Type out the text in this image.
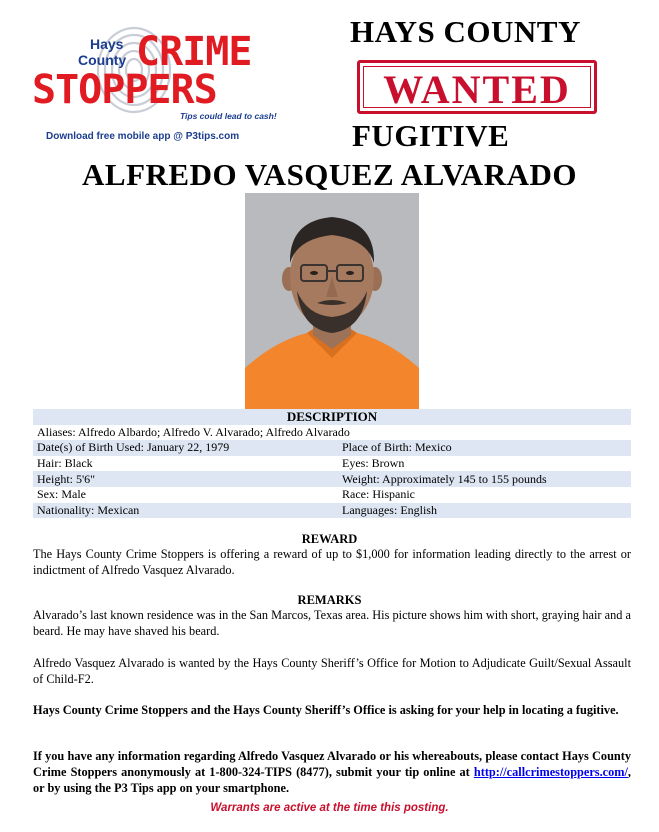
Hays
County CRIME
STOPPERS
Tips could lead to cash!
Download free mobile app @ P3tips.com
HAYS COUNTY
WANTED
FUGITIVE
ALFREDO VASQUEZ ALVARADO
DESCRIPTION	
Aliases: Alfredo Albardo; Alfredo V. Alvarado; Alfredo Alvarado	
Date(s) of Birth Used: January 22, 1979	Place of Birth: Mexico
Hair: Black	Eyes: Brown
Height: 5'6"	Weight: Approximately 145 to 155 pounds
Sex: Male	Race: Hispanic
Nationality: Mexican	Languages: English
REWARD
The Hays County Crime Stoppers is offering a reward of up to $1,000 for information leading directly to the arrest or indictment of Alfredo Vasquez Alvarado.
REMARKS
Alvarado’s last known residence was in the San Marcos, Texas area. His picture shows him with short, graying hair and a beard. He may have shaved his beard.
Alfredo Vasquez Alvarado is wanted by the Hays County Sheriff’s Office for Motion to Adjudicate Guilt/Sexual Assault of Child-F2.
Hays County Crime Stoppers and the Hays County Sheriff’s Office is asking for your help in locating a fugitive.
If you have any information regarding Alfredo Vasquez Alvarado or his whereabouts, please contact Hays County Crime Stoppers anonymously at 1-800-324-TIPS (8477), submit your tip online at http://callcrimestoppers.com/, or by using the P3 Tips app on your smartphone.
Warrants are active at the time this posting.
